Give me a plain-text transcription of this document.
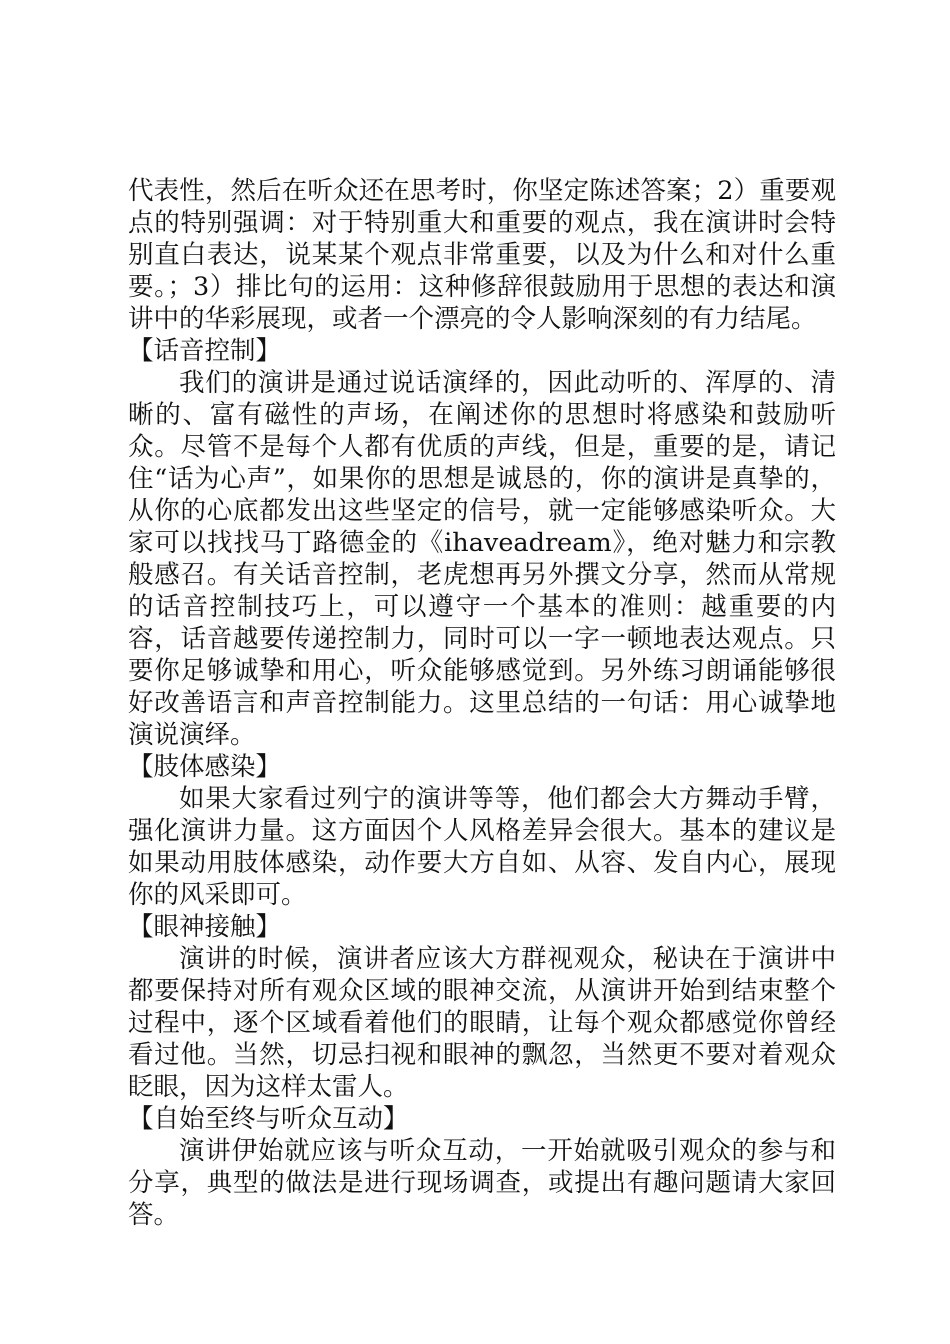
代表性，然后在听众还在思考时，你坚定陈述答案；2）重要观点的特别强调：对于特别重大和重要的观点，我在演讲时会特别直白表达，说某某个观点非常重要，以及为什么和对什么重要。；3）排比句的运用：这种修辞很鼓励用于思想的表达和演讲中的华彩展现，或者一个漂亮的令人影响深刻的有力结尾。

【话音控制】

我们的演讲是通过说话演绎的，因此动听的、浑厚的、清晰的、富有磁性的声场，在阐述你的思想时将感染和鼓励听众。尽管不是每个人都有优质的声线，但是，重要的是，请记住“话为心声”，如果你的思想是诚恳的，你的演讲是真挚的，从你的心底都发出这些坚定的信号，就一定能够感染听众。大家可以找找马丁路德金的《ihaveadream》，绝对魅力和宗教般感召。有关话音控制，老虎想再另外撰文分享，然而从常规的话音控制技巧上，可以遵守一个基本的准则：越重要的内容，话音越要传递控制力，同时可以一字一顿地表达观点。只要你足够诚挚和用心，听众能够感觉到。另外练习朗诵能够很好改善语言和声音控制能力。这里总结的一句话：用心诚挚地演说演绎。

【肢体感染】

如果大家看过列宁的演讲等等，他们都会大方舞动手臂，强化演讲力量。这方面因个人风格差异会很大。基本的建议是如果动用肢体感染，动作要大方自如、从容、发自内心，展现你的风采即可。

【眼神接触】

演讲的时候，演讲者应该大方群视观众，秘诀在于演讲中都要保持对所有观众区域的眼神交流，从演讲开始到结束整个过程中，逐个区域看着他们的眼睛，让每个观众都感觉你曾经看过他。当然，切忌扫视和眼神的飘忽，当然更不要对着观众眨眼，因为这样太雷人。

【自始至终与听众互动】

演讲伊始就应该与听众互动，一开始就吸引观众的参与和分享，典型的做法是进行现场调查，或提出有趣问题请大家回答。
